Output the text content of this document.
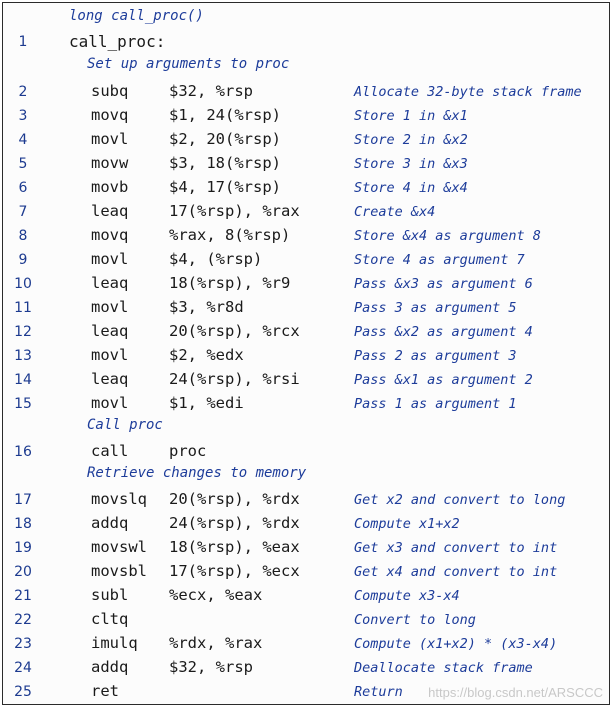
long call_proc()
1	call_proc:
Set up arguments to proc
2	subq	$32, %rsp	Allocate 32-byte stack frame
3	movq	$1, 24(%rsp)	Store 1 in &x1
4	movl	$2, 20(%rsp)	Store 2 in &x2
5	movw	$3, 18(%rsp)	Store 3 in &x3
6	movb	$4, 17(%rsp)	Store 4 in &x4
7	leaq	17(%rsp), %rax	Create &x4
8	movq	%rax, 8(%rsp)	Store &x4 as argument 8
9	movl	$4, (%rsp)	Store 4 as argument 7
10	leaq	18(%rsp), %r9	Pass &x3 as argument 6
11	movl	$3, %r8d	Pass 3 as argument 5
12	leaq	20(%rsp), %rcx	Pass &x2 as argument 4
13	movl	$2, %edx	Pass 2 as argument 3
14	leaq	24(%rsp), %rsi	Pass &x1 as argument 2
15	movl	$1, %edi	Pass 1 as argument 1
Call proc
16	call	proc
Retrieve changes to memory
17	movslq 20(%rsp), %rdx	Get x2 and convert to long
18	addq	24(%rsp), %rdx	Compute x1+x2
19	movswl 18(%rsp), %eax	Get x3 and convert to int
20	movsbl 17(%rsp), %ecx	Get x4 and convert to int
21	subl	%ecx, %eax	Compute x3-x4
22	cltq	Convert to long
23	imulq %rdx, %rax	Compute (x1+x2) * (x3-x4)
24	addq	$32, %rsp	Deallocate stack frame
25	ret	Return https://blog.csdn.net/ARSCCC
